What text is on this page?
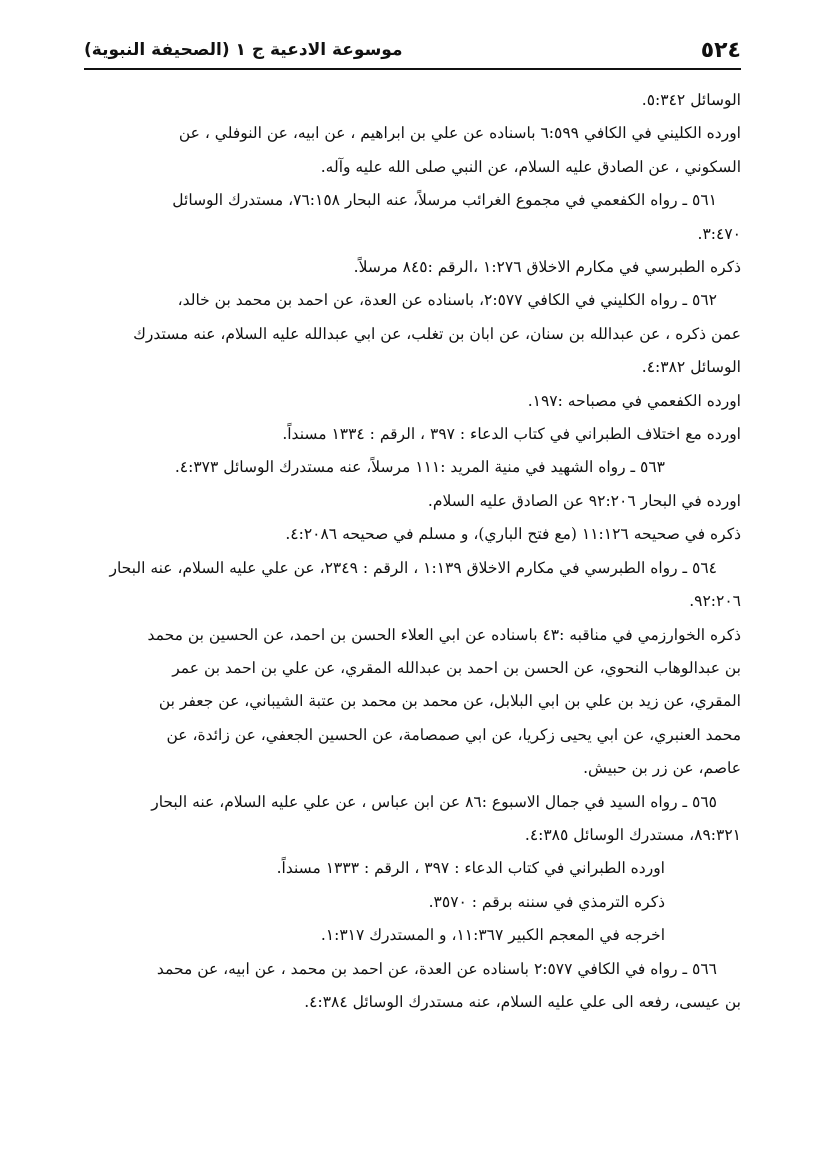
٥٢٤
موسوعة الادعية ج ١ (الصحيفة النبوية)

الوسائل ٥:٣٤٢.

اورده الكليني في الكافي ٦:٥٩٩ باسناده عن علي بن ابراهيم ، عن ابيه، عن النوفلي ، عن

السكوني ، عن الصادق عليه السلام، عن النبي صلى الله عليه وآله.

٥٦١ ـ رواه الكفعمي في مجموع الغرائب مرسلاً، عنه البحار ٧٦:١٥٨، مستدرك الوسائل

٣:٤٧٠.

ذكره الطبرسي في مكارم الاخلاق ١:٢٧٦ ،الرقم :٨٤٥ مرسلاً.

٥٦٢ ـ رواه الكليني في الكافي ٢:٥٧٧، باسناده عن العدة، عن احمد بن محمد بن خالد،

عمن ذكره ، عن عبدالله بن سنان، عن ابان بن تغلب، عن ابي عبدالله عليه السلام، عنه مستدرك

الوسائل ٤:٣٨٢.

اورده الكفعمي في مصباحه :١٩٧.

اورده مع اختلاف الطبراني في كتاب الدعاء : ٣٩٧ ، الرقم : ١٣٣٤ مسنداً.

٥٦٣ ـ رواه الشهيد في منية المريد :١١١ مرسلاً، عنه مستدرك الوسائل ٤:٣٧٣.

اورده في البحار ٩٢:٢٠٦ عن الصادق عليه السلام.

ذكره في صحيحه ١١:١٢٦ (مع فتح الباري)، و مسلم في صحيحه ٤:٢٠٨٦.

٥٦٤ ـ رواه الطبرسي في مكارم الاخلاق ١:١٣٩ ، الرقم : ٢٣٤٩، عن علي عليه السلام، عنه البحار

٩٢:٢٠٦.

ذكره الخوارزمي في مناقبه :٤٣ باسناده عن ابي العلاء الحسن بن احمد، عن الحسين بن محمد

بن عبدالوهاب النحوي، عن الحسن بن احمد بن عبدالله المقري، عن علي بن احمد بن عمر

المقري، عن زيد بن علي بن ابي البلابل، عن محمد بن محمد بن عتبة الشيباني، عن جعفر بن

محمد العنبري، عن ابي يحيى زكريا، عن ابي صمصامة، عن الحسين الجعفي، عن زائدة، عن

عاصم، عن زر بن حبيش.

٥٦٥ ـ رواه السيد في جمال الاسبوع :٨٦ عن ابن عباس ، عن علي عليه السلام، عنه البحار

٨٩:٣٢١، مستدرك الوسائل ٤:٣٨٥.

اورده الطبراني في كتاب الدعاء : ٣٩٧ ، الرقم : ١٣٣٣ مسنداً.

ذكره الترمذي في سننه برقم : ٣٥٧٠.

اخرجه في المعجم الكبير ١١:٣٦٧، و المستدرك ١:٣١٧.

٥٦٦ ـ رواه في الكافي ٢:٥٧٧ باسناده عن العدة، عن احمد بن محمد ، عن ابيه، عن محمد

بن عيسى، رفعه الى علي عليه السلام، عنه مستدرك الوسائل ٤:٣٨٤.
